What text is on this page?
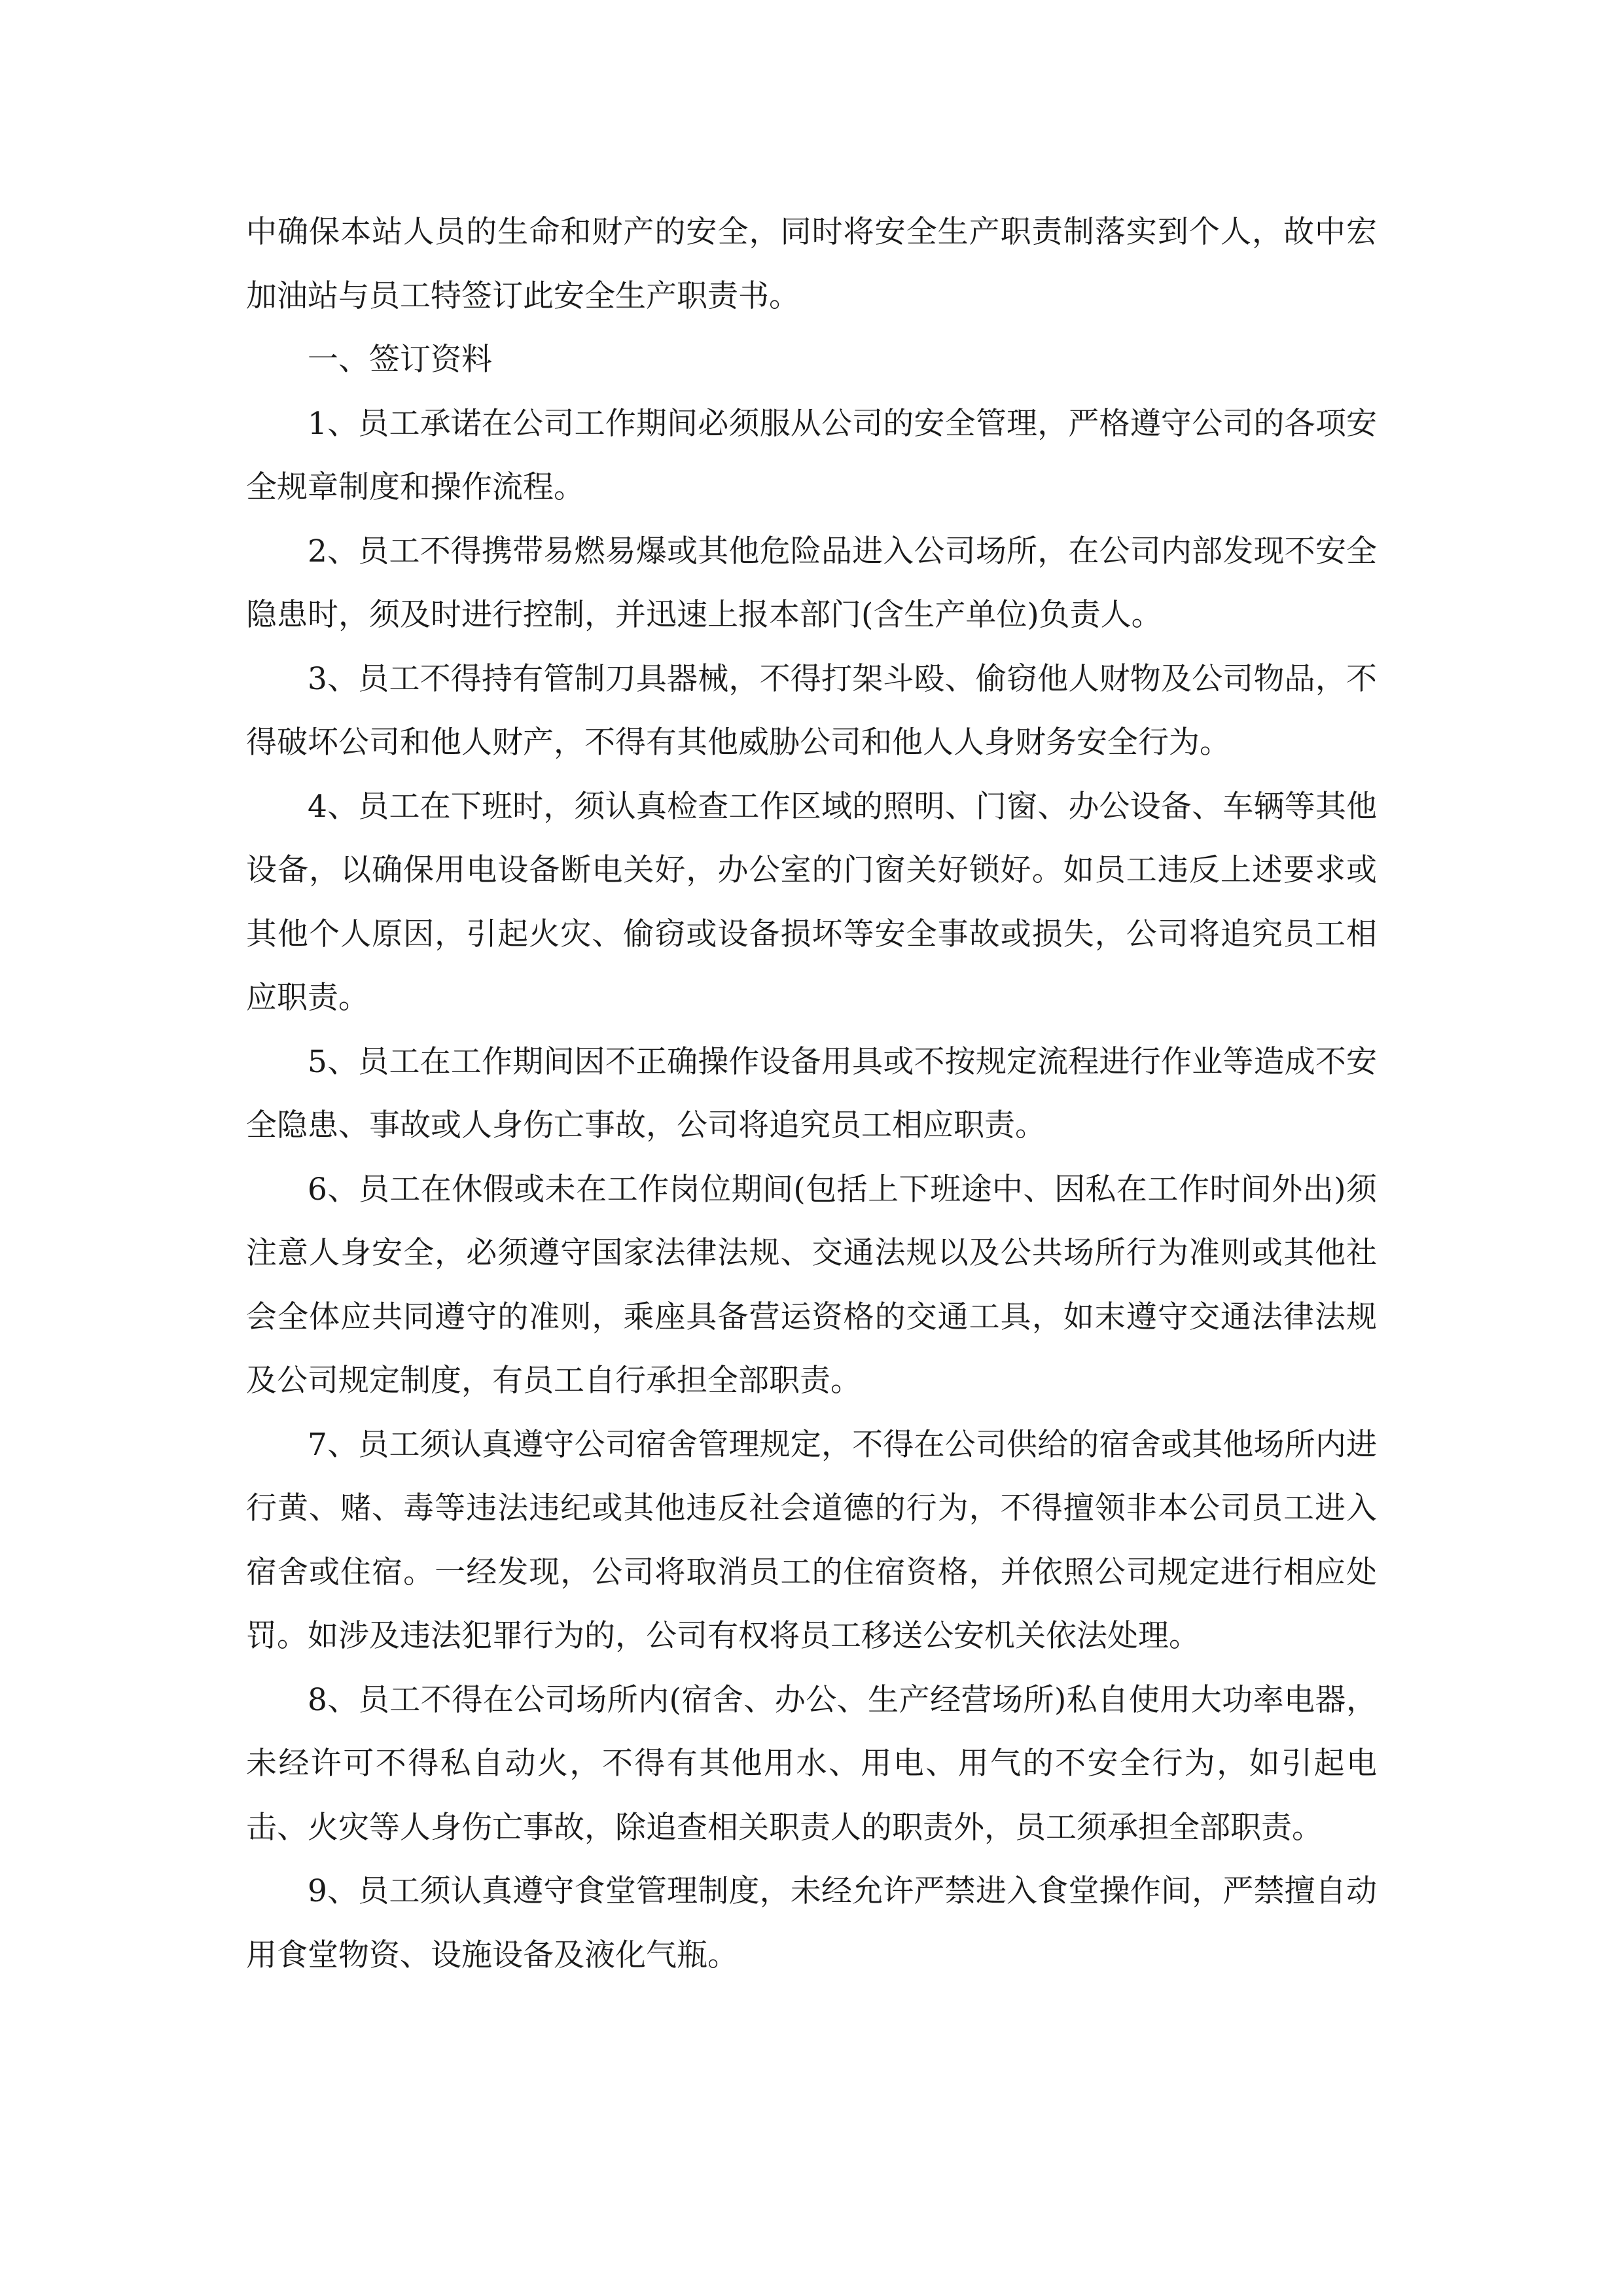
中确保本站人员的生命和财产的安全，同时将安全生产职责制落实到个人，故中宏加油站与员工特签订此安全生产职责书。

一、签订资料

1、员工承诺在公司工作期间必须服从公司的安全管理，严格遵守公司的各项安全规章制度和操作流程。

2、员工不得携带易燃易爆或其他危险品进入公司场所，在公司内部发现不安全隐患时，须及时进行控制，并迅速上报本部门(含生产单位)负责人。

3、员工不得持有管制刀具器械，不得打架斗殴、偷窃他人财物及公司物品，不得破坏公司和他人财产，不得有其他威胁公司和他人人身财务安全行为。

4、员工在下班时，须认真检查工作区域的照明、门窗、办公设备、车辆等其他设备，以确保用电设备断电关好，办公室的门窗关好锁好。如员工违反上述要求或其他个人原因，引起火灾、偷窃或设备损坏等安全事故或损失，公司将追究员工相应职责。

5、员工在工作期间因不正确操作设备用具或不按规定流程进行作业等造成不安全隐患、事故或人身伤亡事故，公司将追究员工相应职责。

6、员工在休假或未在工作岗位期间(包括上下班途中、因私在工作时间外出)须注意人身安全，必须遵守国家法律法规、交通法规以及公共场所行为准则或其他社会全体应共同遵守的准则，乘座具备营运资格的交通工具，如末遵守交通法律法规及公司规定制度，有员工自行承担全部职责。

7、员工须认真遵守公司宿舍管理规定，不得在公司供给的宿舍或其他场所内进行黄、赌、毒等违法违纪或其他违反社会道德的行为，不得擅领非本公司员工进入宿舍或住宿。一经发现，公司将取消员工的住宿资格，并依照公司规定进行相应处罚。如涉及违法犯罪行为的，公司有权将员工移送公安机关依法处理。

8、员工不得在公司场所内(宿舍、办公、生产经营场所)私自使用大功率电器，未经许可不得私自动火，不得有其他用水、用电、用气的不安全行为，如引起电击、火灾等人身伤亡事故，除追查相关职责人的职责外，员工须承担全部职责。

9、员工须认真遵守食堂管理制度，未经允许严禁进入食堂操作间，严禁擅自动用食堂物资、设施设备及液化气瓶。
